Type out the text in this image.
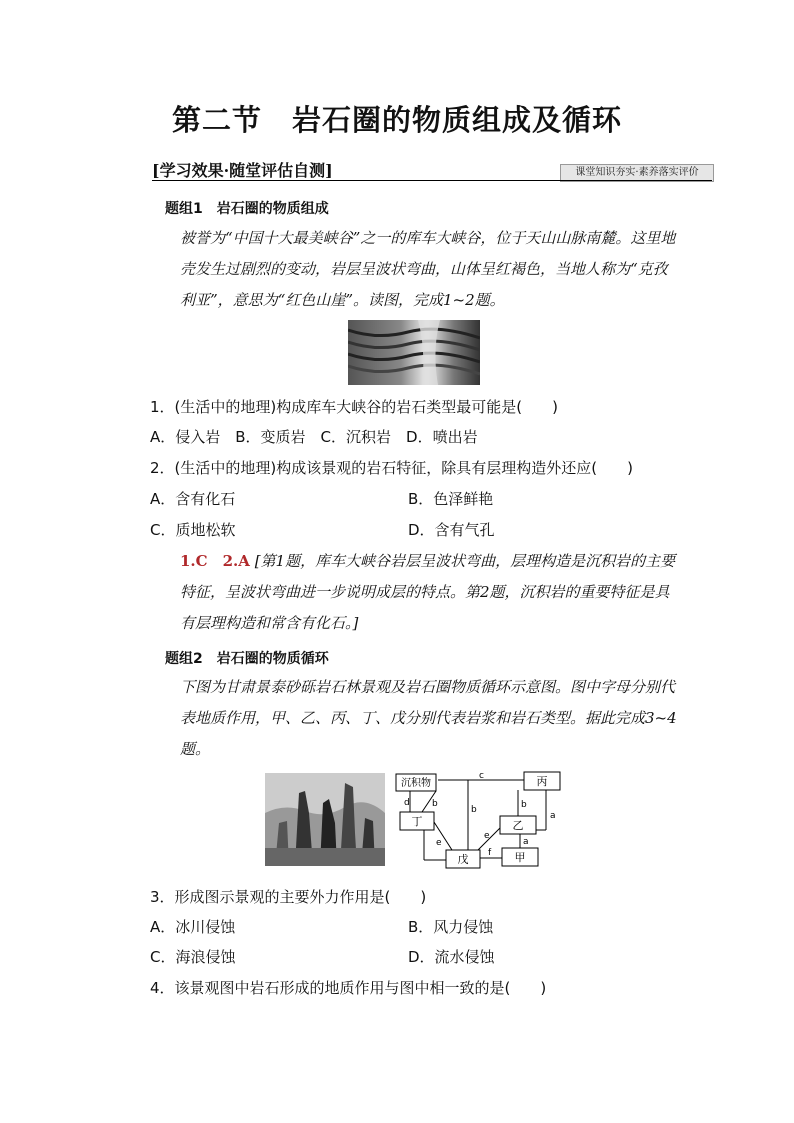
第二节　岩石圈的物质组成及循环
[学习效果·随堂评估自测]	课堂知识夯实·素养落实评价
题组1　岩石圈的物质组成
被誉为“中国十大最美峡谷”之一的库车大峡谷，位于天山山脉南麓。这里地壳发生过剧烈的变动，岩层呈波状弯曲，山体呈红褐色，当地人称为“克孜利亚”，意思为“红色山崖”。读图，完成1~2题。
1．(生活中的地理)构成库车大峡谷的岩石类型最可能是(　　)
A．侵入岩　B．变质岩　C．沉积岩　D．喷出岩
2．(生活中的地理)构成该景观的岩石特征，除具有层理构造外还应(　　)
A．含有化石	B．色泽鲜艳
C．质地松软	D．含有气孔
1.C　2.A [第1题，库车大峡谷岩层呈波状弯曲，层理构造是沉积岩的主要特征，呈波状弯曲进一步说明成层的特点。第2题，沉积岩的重要特征是具有层理构造和常含有化石。]
题组2　岩石圈的物质循环
下图为甘肃景泰砂砾岩石林景观及岩石圈物质循环示意图。图中字母分别代表地质作用，甲、乙、丙、丁、戊分别代表岩浆和岩石类型。据此完成3~4题。
沉积物	丙
丁	乙
戊	甲
c
d b
b	b
a
e
e
f
a
3．形成图示景观的主要外力作用是(　　)
A．冰川侵蚀	B．风力侵蚀
C．海浪侵蚀	D．流水侵蚀
4．该景观图中岩石形成的地质作用与图中相一致的是(　　)
